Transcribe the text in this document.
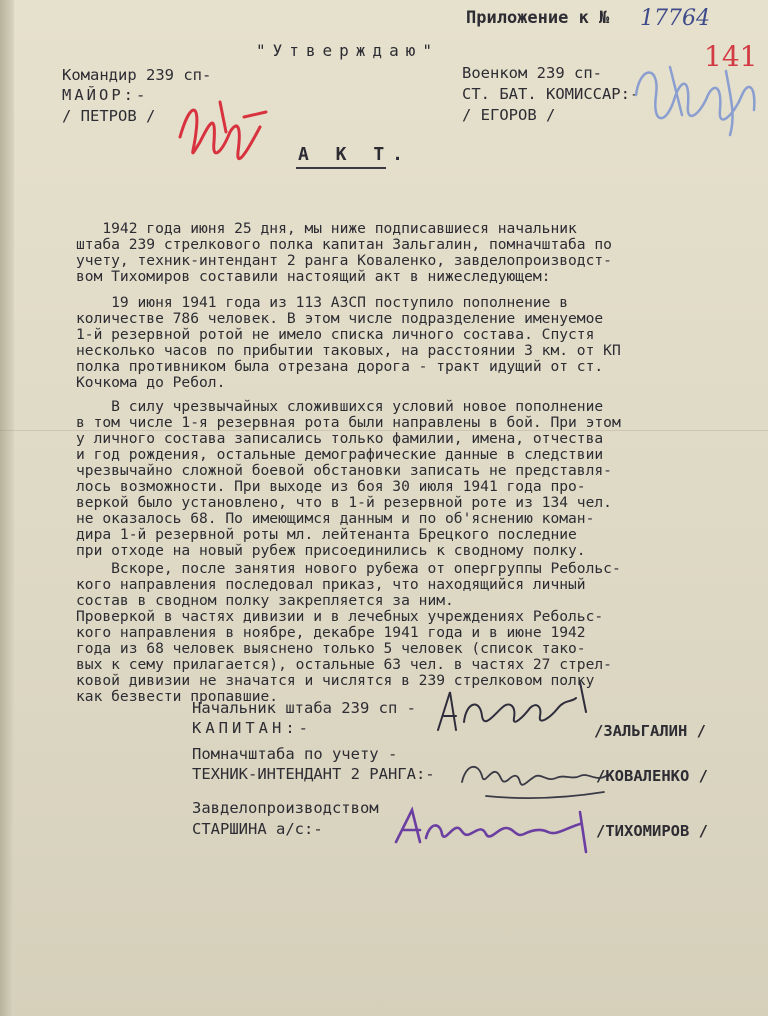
Приложение к № 17764
141
"Утверждаю"
Командир 239 сп-
МАЙОР:-
/ ПЕТРОВ /
Военком 239 сп-
СТ. БАТ. КОМИССАР:-
/ ЕГОРОВ /
А К Т.

1942 года июня 25 дня, мы ниже подписавшиеся начальник
штаба 239 стрелкового полка капитан Зальгалин, помначштаба по
учету, техник-интендант 2 ранга Коваленко, завделопроизводст-
вом Тихомиров составили настоящий акт в нижеследующем:

19 июня 1941 года из 113 АЗСП поступило пополнение в
количестве 786 человек. В этом числе подразделение именуемое
1-й резервной ротой не имело списка личного состава. Спустя
несколько часов по прибытии таковых, на расстоянии 3 км. от КП
полка противником была отрезана дорога - тракт идущий от ст.
Кочкома до Ребол.

В силу чрезвычайных сложившихся условий новое пополнение
в том числе 1-я резервная рота были направлены в бой. При этом
у личного состава записались только фамилии, имена, отчества
и год рождения, остальные демографические данные в следствии
чрезвычайно сложной боевой обстановки записать не представля-
лось возможности. При выходе из боя 30 июля 1941 года про-
веркой было установлено, что в 1-й резервной роте из 134 чел.
не оказалось 68. По имеющимся данным и по об'яснению коман-
дира 1-й резервной роты мл. лейтенанта Брецкого последние
при отходе на новый рубеж присоединились к сводному полку.

Вскоре, после занятия нового рубежа от опергруппы Ребольс-
кого направления последовал приказ, что находящийся личный
состав в сводном полку закрепляется за ним.
Проверкой в частях дивизии и в лечебных учреждениях Ребольс-
кого направления в ноябре, декабре 1941 года и в июне 1942
года из 68 человек выяснено только 5 человек (список тако-
вых к сему прилагается), остальные 63 чел. в частях 27 стрел-
ковой дивизии не значатся и числятся в 239 стрелковом полку
как безвести пропавшие.

Начальник штаба 239 сп -
КАПИТАН:-	/ЗАЛЬГАЛИН /
Помначштаба по учету -
ТЕХНИК-ИНТЕНДАНТ 2 РАНГА:-	/КОВАЛЕНКО /
Завделопроизводством
СТАРШИНА а/с:-	/ТИХОМИРОВ /
